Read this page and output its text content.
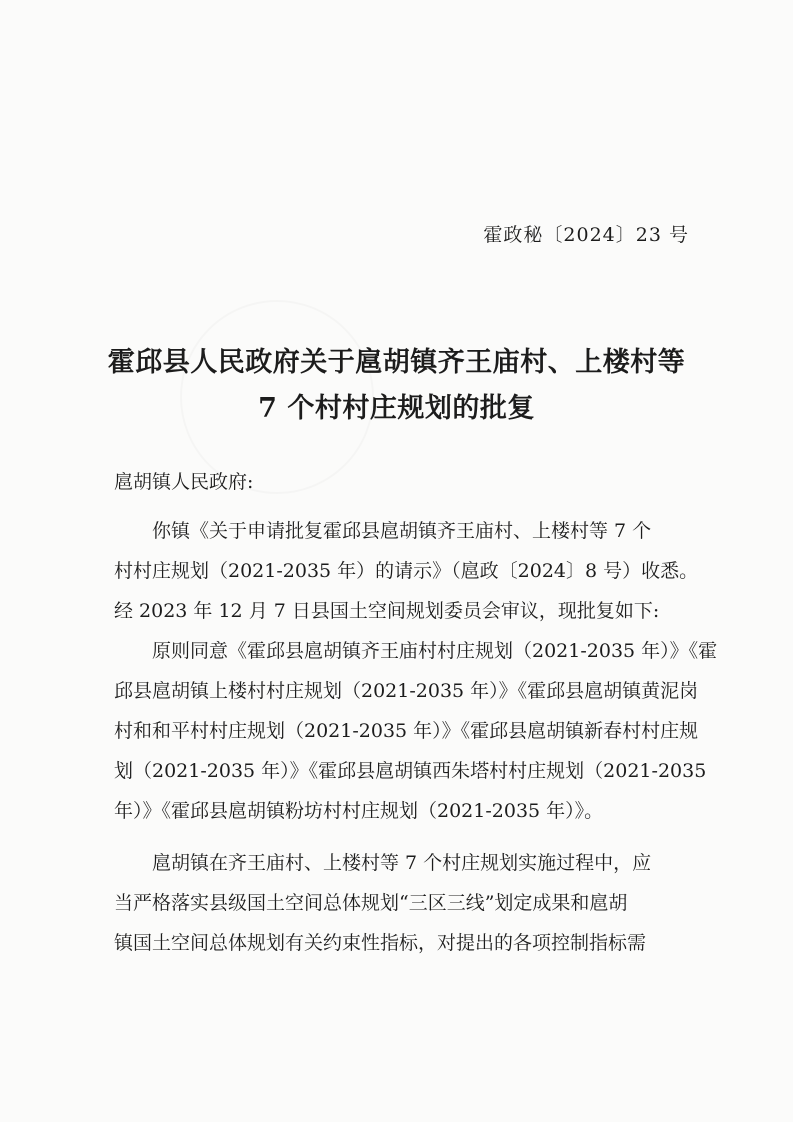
霍政秘〔2024〕23 号
霍邱县人民政府关于扈胡镇齐王庙村、上楼村等
7 个村村庄规划的批复
扈胡镇人民政府:
　　你镇《关于申请批复霍邱县扈胡镇齐王庙村、上楼村等 7 个
村村庄规划（2021-2035 年）的请示》（扈政〔2024〕8 号）收悉。
经 2023 年 12 月 7 日县国土空间规划委员会审议，现批复如下:
　　原则同意《霍邱县扈胡镇齐王庙村村庄规划（2021-2035 年）》《霍
邱县扈胡镇上楼村村庄规划（2021-2035 年）》《霍邱县扈胡镇黄泥岗
村和和平村村庄规划（2021-2035 年）》《霍邱县扈胡镇新春村村庄规
划（2021-2035 年）》《霍邱县扈胡镇西朱塔村村庄规划（2021-2035
年）》《霍邱县扈胡镇粉坊村村庄规划（2021-2035 年）》。
　　扈胡镇在齐王庙村、上楼村等 7 个村庄规划实施过程中，应
当严格落实县级国土空间总体规划“三区三线”划定成果和扈胡
镇国土空间总体规划有关约束性指标，对提出的各项控制指标需
